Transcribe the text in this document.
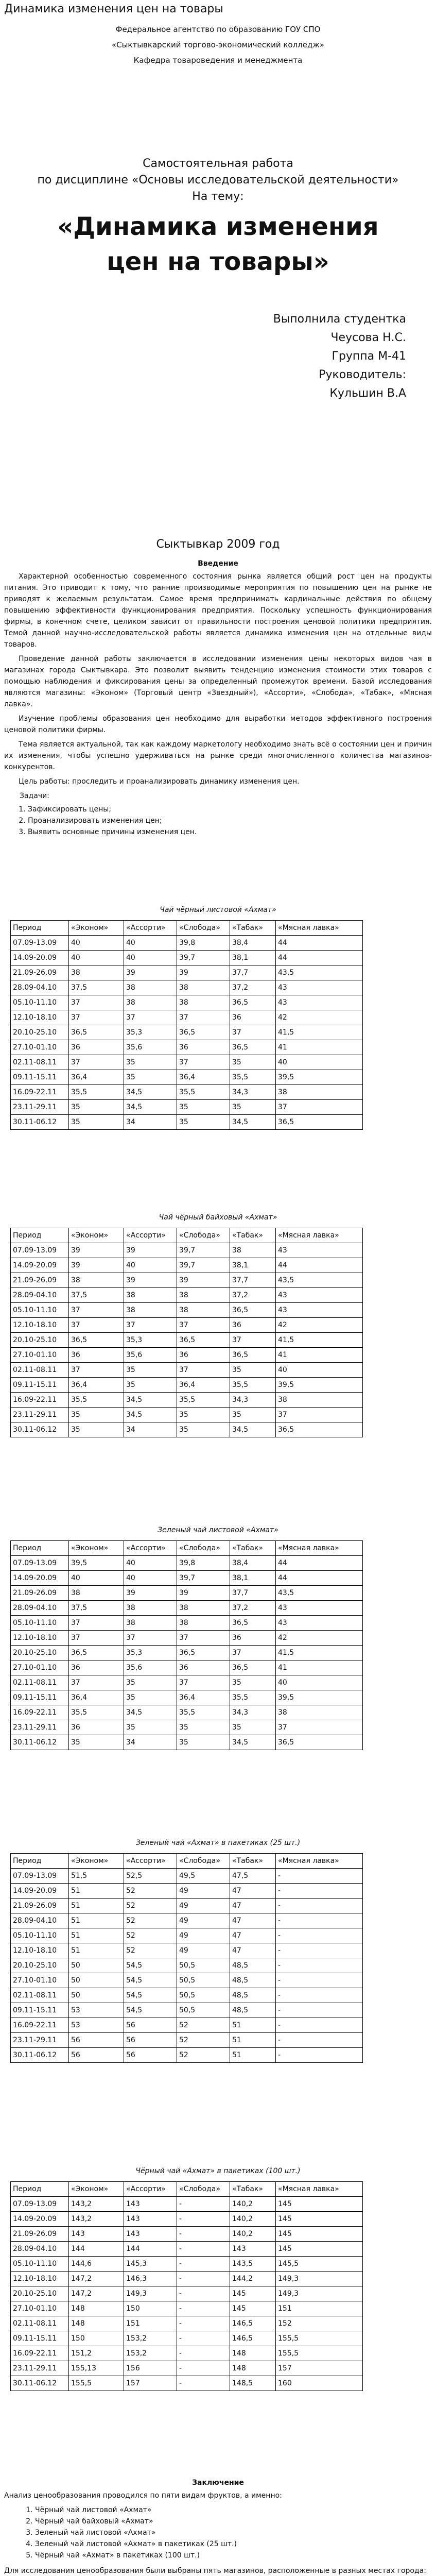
Динамика изменения цен на товары
Федеральное агентство по образованию ГОУ СПО
«Сыктывкарский торгово-экономический колледж»
Кафедра товароведения и менеджмента
Самостоятельная работа
по дисциплине «Основы исследовательской деятельности»
На тему:
«Динамика изменения цен на товары»
Выполнила студентка
Чеусова Н.С.
Группа М-41
Руководитель:
Кульшин В.А
Сыктывкар 2009 год
Введение

Характерной особенностью современного состояния рынка является общий рост цен на продукты питания. Это приводит к тому, что ранние производимые мероприятия по повышению цен на рынке не приводят к желаемым результатам. Самое время предпринимать кардинальные действия по общему повышению эффективности функционирования предприятия. Поскольку успешность функционирования фирмы, в конечном счете, целиком зависит от правильности построения ценовой политики предприятия. Темой данной научно-исследовательской работы является динамика изменения цен на отдельные виды товаров.

Проведение данной работы заключается в исследовании изменения цены некоторых видов чая в магазинах города Сыктывкара. Это позволит выявить тенденцию изменения стоимости этих товаров с помощью наблюдения и фиксирования цены за определенный промежуток времени. Базой исследования являются магазины: «Эконом» (Торговый центр «Звездный»), «Ассорти», «Слобода», «Табак», «Мясная лавка».

Изучение проблемы образования цен необходимо для выработки методов эффективного построения ценовой политики фирмы.

Тема является актуальной, так как каждому маркетологу необходимо знать всё о состоянии цен и причин их изменения, чтобы успешно удерживаться на рынке среди многочисленного количества магазинов-конкурентов.

Цель работы: проследить и проанализировать динамику изменения цен.

Задачи:

1. Зафиксировать цены;
2. Проанализировать изменения цен;
3. Выявить основные причины изменения цен.
Чай чёрный листовой «Ахмат»
Период	«Эконом»	«Ассорти»	«Слобода»	«Табак»	«Мясная лавка»
07.09-13.09	40	40	39,8	38,4	44
14.09-20.09	40	40	39,7	38,1	44
21.09-26.09	38	39	39	37,7	43,5
28.09-04.10	37,5	38	38	37,2	43
05.10-11.10	37	38	38	36,5	43
12.10-18.10	37	37	37	36	42
20.10-25.10	36,5	35,3	36,5	37	41,5
27.10-01.10	36	35,6	36	36,5	41
02.11-08.11	37	35	37	35	40
09.11-15.11	36,4	35	36,4	35,5	39,5
16.09-22.11	35,5	34,5	35,5	34,3	38
23.11-29.11	35	34,5	35	35	37
30.11-06.12	35	34	35	34,5	36,5
Чай чёрный байховый «Ахмат»
Период	«Эконом»	«Ассорти»	«Слобода»	«Табак»	«Мясная лавка»
07.09-13.09	39	39	39,7	38	43
14.09-20.09	39	40	39,7	38,1	44
21.09-26.09	38	39	39	37,7	43,5
28.09-04.10	37,5	38	38	37,2	43
05.10-11.10	37	38	38	36,5	43
12.10-18.10	37	37	37	36	42
20.10-25.10	36,5	35,3	36,5	37	41,5
27.10-01.10	36	35,6	36	36,5	41
02.11-08.11	37	35	37	35	40
09.11-15.11	36,4	35	36,4	35,5	39,5
16.09-22.11	35,5	34,5	35,5	34,3	38
23.11-29.11	35	34,5	35	35	37
30.11-06.12	35	34	35	34,5	36,5
Зеленый чай листовой «Ахмат»
Период	«Эконом»	«Ассорти»	«Слобода»	«Табак»	«Мясная лавка»
07.09-13.09	39,5	40	39,8	38,4	44
14.09-20.09	40	40	39,7	38,1	44
21.09-26.09	38	39	39	37,7	43,5
28.09-04.10	37,5	38	38	37,2	43
05.10-11.10	37	38	38	36,5	43
12.10-18.10	37	37	37	36	42
20.10-25.10	36,5	35,3	36,5	37	41,5
27.10-01.10	36	35,6	36	36,5	41
02.11-08.11	37	35	37	35	40
09.11-15.11	36,4	35	36,4	35,5	39,5
16.09-22.11	35,5	34,5	35,5	34,3	38
23.11-29.11	36	35	35	35	37
30.11-06.12	35	34	35	34,5	36,5
Зеленый чай «Ахмат» в пакетиках (25 шт.)
Период	«Эконом»	«Ассорти»	«Слобода»	«Табак»	«Мясная лавка»
07.09-13.09	51,5	52,5	49,5	47,5	-
14.09-20.09	51	52	49	47	-
21.09-26.09	51	52	49	47	-
28.09-04.10	51	52	49	47	-
05.10-11.10	51	52	49	47	-
12.10-18.10	51	52	49	47	-
20.10-25.10	50	54,5	50,5	48,5	-
27.10-01.10	50	54,5	50,5	48,5	-
02.11-08.11	50	54,5	50,5	48,5	-
09.11-15.11	53	54,5	50,5	48,5	-
16.09-22.11	53	56	52	51	-
23.11-29.11	56	56	52	51	-
30.11-06.12	56	56	52	51	-
Чёрный чай «Ахмат» в пакетиках (100 шт.)
Период	«Эконом»	«Ассорти»	«Слобода»	«Табак»	«Мясная лавка»
07.09-13.09	143,2	143	-	140,2	145
14.09-20.09	143,2	143	-	140,2	145
21.09-26.09	143	143	-	140,2	145
28.09-04.10	144	144	-	143	145
05.10-11.10	144,6	145,3	-	143,5	145,5
12.10-18.10	147,2	146,3	-	144,2	149,3
20.10-25.10	147,2	149,3	-	145	149,3
27.10-01.10	148	150	-	145	151
02.11-08.11	148	151	-	146,5	152
09.11-15.11	150	153,2	-	146,5	155,5
16.09-22.11	151,2	153,2	-	148	155,5
23.11-29.11	155,13	156	-	148	157
30.11-06.12	155,5	157	-	148,5	160
Заключение

Анализ ценообразования проводился по пяти видам фруктов, а именно:

1. Чёрный чай листовой «Ахмат»
2. Чёрный чай байховый «Ахмат»
3. Зеленый чай листовой «Ахмат»
4. Зеленый чай листовой «Ахмат» в пакетиках (25 шт.)
5. Чёрный чай «Ахмат» в пакетиках (100 шт.)

Для исследования ценообразования были выбраны пять магазинов, расположенные в разных местах города:
